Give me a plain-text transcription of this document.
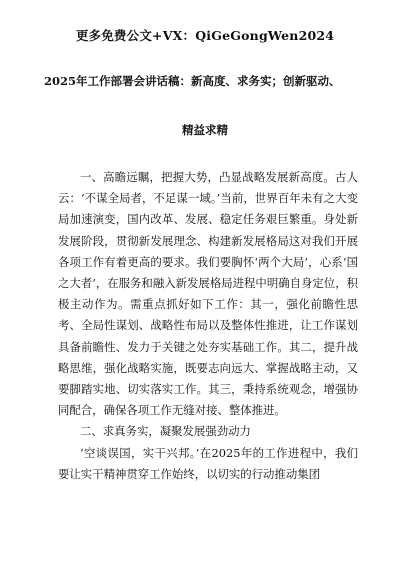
更多免费公文+VX：QiGeGongWen2024
2025年工作部署会讲话稿：新高度、求务实；创新驱动、
精益求精

一、高瞻远瞩，把握大势，凸显战略发展新高度。古人云：‘不谋全局者，不足谋一域。’当前，世界百年未有之大变局加速演变，国内改革、发展、稳定任务艰巨繁重。身处新发展阶段，贯彻新发展理念、构建新发展格局这对我们开展各项工作有着更高的要求。我们要胸怀‘两个大局’，心系‘国之大者’，在服务和融入新发展格局进程中明确自身定位，积极主动作为。需重点抓好如下工作：其一，强化前瞻性思考、全局性谋划、战略性布局以及整体性推进，让工作谋划具备前瞻性、发力于关键之处夯实基础工作。其二，提升战略思维，强化战略实施，既要志向远大、掌握战略主动，又要脚踏实地、切实落实工作。其三，秉持系统观念，增强协同配合，确保各项工作无缝对接、整体推进。

二、求真务实，凝聚发展强劲动力

‘空谈误国，实干兴邦。’在2025年的工作进程中，我们要让实干精神贯穿工作始终，以切实的行动推动集团
